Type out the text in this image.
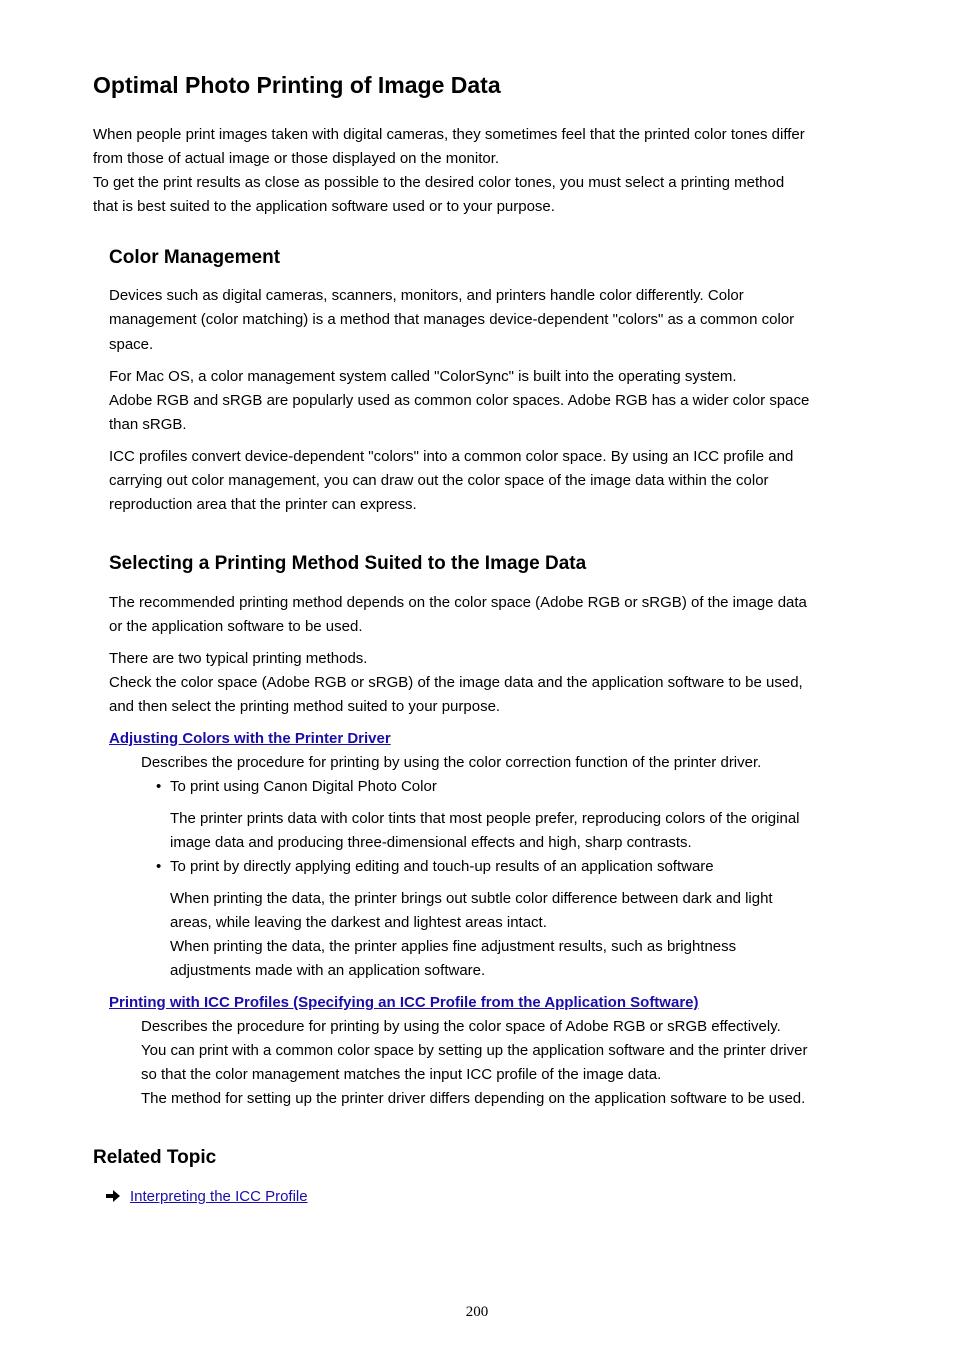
Optimal Photo Printing of Image Data

When people print images taken with digital cameras, they sometimes feel that the printed color tones differ

from those of actual image or those displayed on the monitor.

To get the print results as close as possible to the desired color tones, you must select a printing method

that is best suited to the application software used or to your purpose.

Color Management

Devices such as digital cameras, scanners, monitors, and printers handle color differently. Color

management (color matching) is a method that manages device-dependent "colors" as a common color

space.

For Mac OS, a color management system called "ColorSync" is built into the operating system.

Adobe RGB and sRGB are popularly used as common color spaces. Adobe RGB has a wider color space

than sRGB.

ICC profiles convert device-dependent "colors" into a common color space. By using an ICC profile and

carrying out color management, you can draw out the color space of the image data within the color

reproduction area that the printer can express.

Selecting a Printing Method Suited to the Image Data

The recommended printing method depends on the color space (Adobe RGB or sRGB) of the image data

or the application software to be used.

There are two typical printing methods.

Check the color space (Adobe RGB or sRGB) of the image data and the application software to be used,

and then select the printing method suited to your purpose.

Adjusting Colors with the Printer Driver

Describes the procedure for printing by using the color correction function of the printer driver.

• To print using Canon Digital Photo Color

The printer prints data with color tints that most people prefer, reproducing colors of the original

image data and producing three-dimensional effects and high, sharp contrasts.

• To print by directly applying editing and touch-up results of an application software

When printing the data, the printer brings out subtle color difference between dark and light

areas, while leaving the darkest and lightest areas intact.

When printing the data, the printer applies fine adjustment results, such as brightness

adjustments made with an application software.

Printing with ICC Profiles (Specifying an ICC Profile from the Application Software)

Describes the procedure for printing by using the color space of Adobe RGB or sRGB effectively.

You can print with a common color space by setting up the application software and the printer driver

so that the color management matches the input ICC profile of the image data.

The method for setting up the printer driver differs depending on the application software to be used.

Related Topic
Interpreting the ICC Profile
200
